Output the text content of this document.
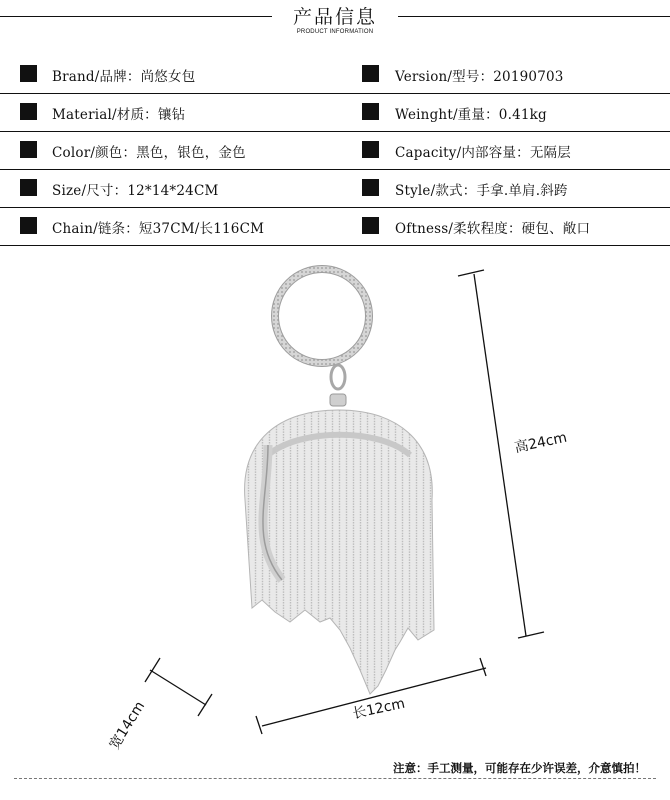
产品信息
PRODUCT INFORMATION
Brand/品牌：尚悠女包	Version/型号：20190703
Material/材质：镶钻	Weinght/重量：0.41kg
Color/颜色：黑色，银色，金色	Capacity/内部容量：无隔层
Size/尺寸：12*14*24CM	Style/款式：手拿.单肩.斜跨
Chain/链条：短37CM/长116CM	Oftness/柔软程度：硬包、敞口
高24cm
长12cm
宽14cm
注意：手工测量，可能存在少许误差，介意慎拍！
